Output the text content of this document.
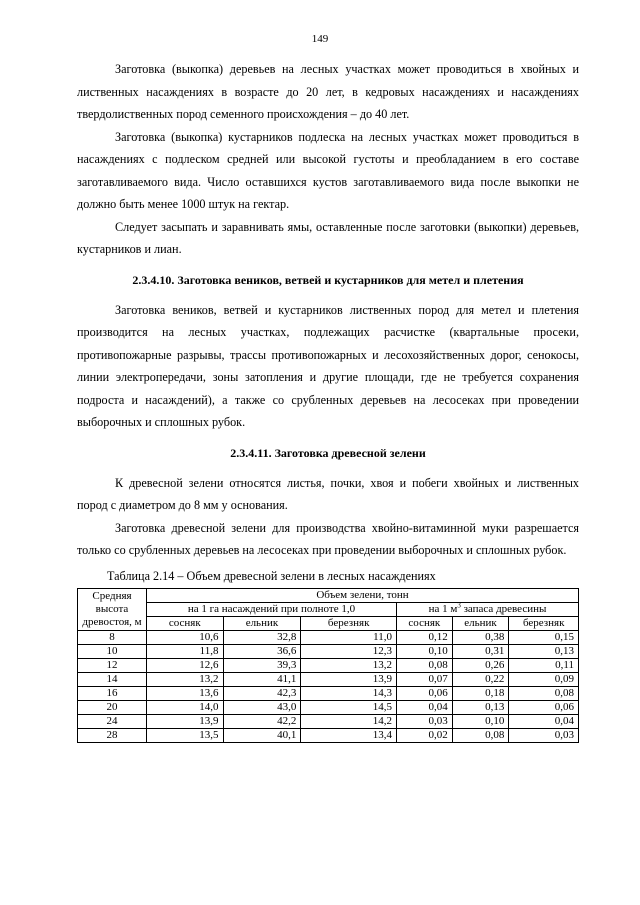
149

Заготовка (выкопка) деревьев на лесных участках может проводиться в хвойных и лиственных насаждениях в возрасте до 20 лет, в кедровых насаждениях и насаждениях твердолиственных пород семенного происхождения – до 40 лет.

Заготовка (выкопка) кустарников подлеска на лесных участках может проводиться в насаждениях с подлеском средней или высокой густоты и преобладанием в его составе заготавливаемого вида. Число оставшихся кустов заготавливаемого вида после выкопки не должно быть менее 1000 штук на гектар.

Следует засыпать и заравнивать ямы, оставленные после заготовки (выкопки) деревьев, кустарников и лиан.

2.3.4.10. Заготовка веников, ветвей и кустарников для метел и плетения

Заготовка веников, ветвей и кустарников лиственных пород для метел и плетения производится на лесных участках, подлежащих расчистке (квартальные просеки, противопожарные разрывы, трассы противопожарных и лесохозяйственных дорог, сенокосы, линии электропередачи, зоны затопления и другие площади, где не требуется сохранения подроста и насаждений), а также со срубленных деревьев на лесосеках при проведении выборочных и сплошных рубок.

2.3.4.11. Заготовка древесной зелени

К древесной зелени относятся листья, почки, хвоя и побеги хвойных и лиственных пород с диаметром до 8 мм у основания.

Заготовка древесной зелени для производства хвойно-витаминной муки разрешается только со срубленных деревьев на лесосеках при проведении выборочных и сплошных рубок.

Таблица 2.14 – Объем древесной зелени в лесных насаждениях
Средняя высота древостоя, м	Объем зелени, тонн					
	на 1 га насаждений при полноте 1,0			на 1 $м^3$ запаса древесины		
	сосняк	ельник	березняк	сосняк	ельник	березняк
8	10,6	32,8	11,0	0,12	0,38	0,15
10	11,8	36,6	12,3	0,10	0,31	0,13
12	12,6	39,3	13,2	0,08	0,26	0,11
14	13,2	41,1	13,9	0,07	0,22	0,09
16	13,6	42,3	14,3	0,06	0,18	0,08
20	14,0	43,0	14,5	0,04	0,13	0,06
24	13,9	42,2	14,2	0,03	0,10	0,04
28	13,5	40,1	13,4	0,02	0,08	0,03
